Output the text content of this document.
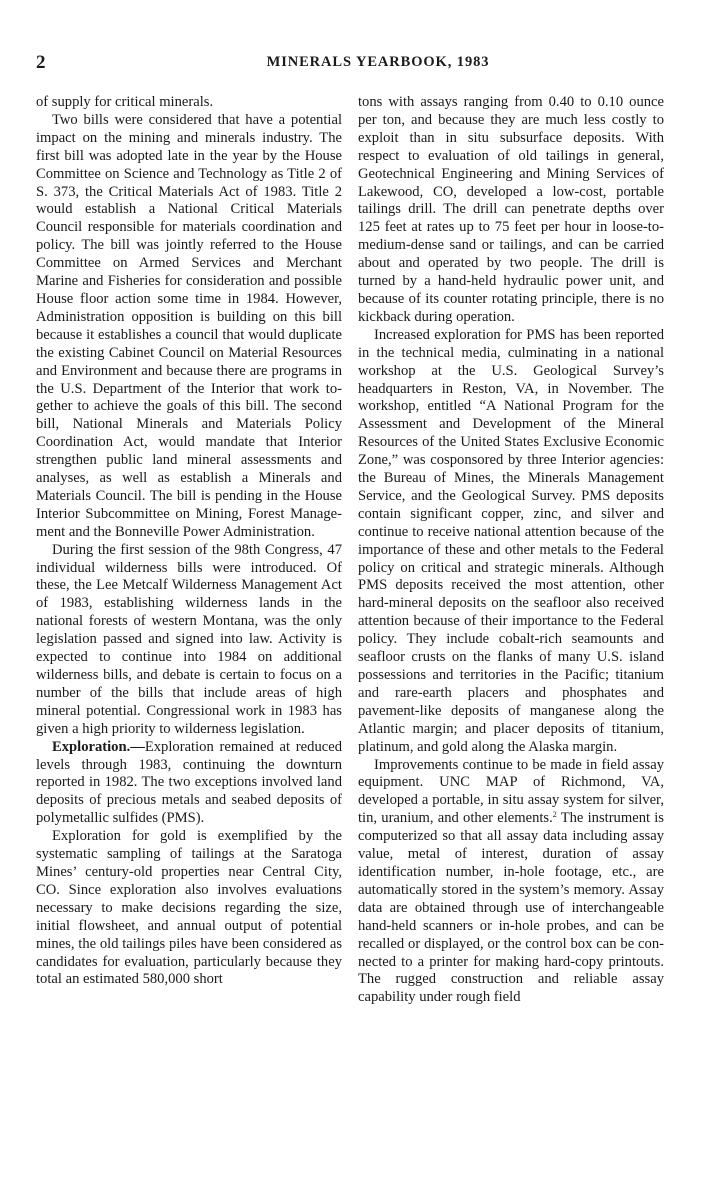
2	MINERALS YEARBOOK, 1983

of supply for critical minerals.

Two bills were considered that have a potential impact on the mining and minerals industry. The first bill was adopted late in the year by the House Committee on Science and Technology as Title 2 of S. 373, the Critical Materials Act of 1983. Title 2 would establish a National Critical Materials Council responsible for materials coordination and policy. The bill was jointly referred to the House Committee on Armed Services and Merchant Marine and Fisheries for consideration and possible House floor action some time in 1984. However, Administration opposition is building on this bill because it establishes a council that would duplicate the existing Cabinet Council on Material Resources and Environment and because there are programs in the U.S. Department of the Interior that work together to achieve the goals of this bill. The second bill, National Minerals and Materials Policy Coordination Act, would mandate that Interior strengthen public land mineral assessments and analyses, as well as establish a Minerals and Materials Council. The bill is pending in the House Interior Subcommittee on Mining, Forest Management and the Bonneville Power Administration.

During the first session of the 98th Congress, 47 individual wilderness bills were introduced. Of these, the Lee Metcalf Wilderness Management Act of 1983, establishing wilderness lands in the national forests of western Montana, was the only legislation passed and signed into law. Activity is expected to continue into 1984 on additional wilderness bills, and debate is certain to focus on a number of the bills that include areas of high mineral potential. Congressional work in 1983 has given a high priority to wilderness legislation.

Exploration.—Exploration remained at reduced levels through 1983, continuing the downturn reported in 1982. The two exceptions involved land deposits of precious metals and seabed deposits of polymetallic sulfides (PMS).

Exploration for gold is exemplified by the systematic sampling of tailings at the Saratoga Mines’ century-old properties near Central City, CO. Since exploration also involves evaluations necessary to make decisions regarding the size, initial flowsheet, and annual output of potential mines, the old tailings piles have been considered as candidates for evaluation, particularly because they total an estimated 580,000 short

tons with assays ranging from 0.40 to 0.10 ounce per ton, and because they are much less costly to exploit than in situ subsurface deposits. With respect to evaluation of old tailings in general, Geotechnical Engineering and Mining Services of Lakewood, CO, developed a low-cost, portable tailings drill. The drill can penetrate depths over 125 feet at rates up to 75 feet per hour in loose-to-medium-dense sand or tailings, and can be carried about and operated by two people. The drill is turned by a hand-held hydraulic power unit, and because of its counter rotating principle, there is no kickback during operation.

Increased exploration for PMS has been reported in the technical media, culminating in a national workshop at the U.S. Geological Survey’s headquarters in Reston, VA, in November. The workshop, entitled “A National Program for the Assessment and Development of the Mineral Resources of the United States Exclusive Economic Zone,” was cosponsored by three Interior agencies: the Bureau of Mines, the Minerals Management Service, and the Geological Survey. PMS deposits contain significant copper, zinc, and silver and continue to receive national attention because of the importance of these and other metals to the Federal policy on critical and strategic minerals. Although PMS deposits received the most attention, other hard-mineral deposits on the seafloor also received attention because of their importance to the Federal policy. They include cobalt-rich seamounts and seafloor crusts on the flanks of many U.S. island possessions and territories in the Pacific; titanium and rare-earth placers and phosphates and pavement-like deposits of manganese along the Atlantic margin; and placer deposits of titanium, platinum, and gold along the Alaska margin.

Improvements continue to be made in field assay equipment. UNC MAP of Richmond, VA, developed a portable, in situ assay system for silver, tin, uranium, and other elements.$^2$ The instrument is computerized so that all assay data including assay value, metal of interest, duration of assay identification number, in-hole footage, etc., are automatically stored in the system’s memory. Assay data are obtained through use of interchangeable hand-held scanners or in-hole probes, and can be recalled or displayed, or the control box can be connected to a printer for making hard-copy printouts. The rugged construction and reliable assay capability under rough field
